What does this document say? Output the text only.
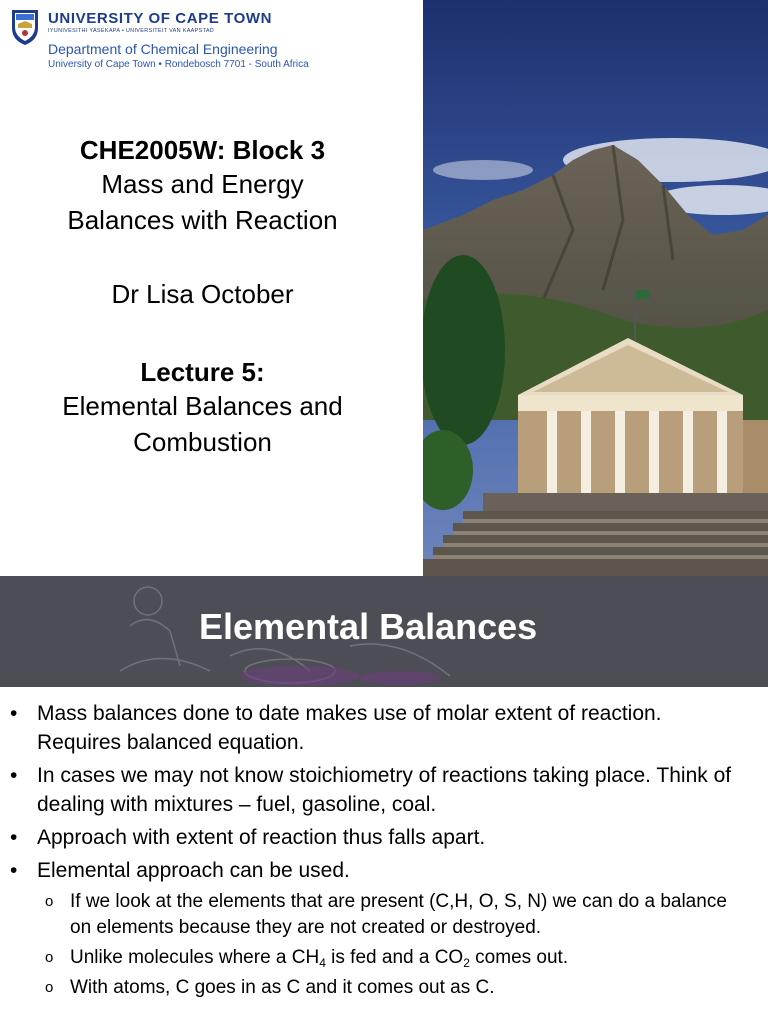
UNIVERSITY OF CAPE TOWN
IYUNIVESITHI YASEKAPA • UNIVERSITEIT VAN KAAPSTAD
Department of Chemical Engineering
University of Cape Town • Rondebosch 7701 - South Africa
CHE2005W: Block 3
Mass and Energy
Balances with Reaction
Dr Lisa October
Lecture 5:
Elemental Balances and
Combustion
Elemental Balances
• Mass balances done to date makes use of molar extent of reaction. Requires balanced equation.
• In cases we may not know stoichiometry of reactions taking place. Think of dealing with mixtures – fuel, gasoline, coal.
• Approach with extent of reaction thus falls apart.
• Elemental approach can be used.
o If we look at the elements that are present (C,H, O, S, N) we can do a balance on elements because they are not created or destroyed.
o Unlike molecules where a $CH_4$ is fed and a $CO_2$ comes out.
o With atoms, C goes in as C and it comes out as C.
